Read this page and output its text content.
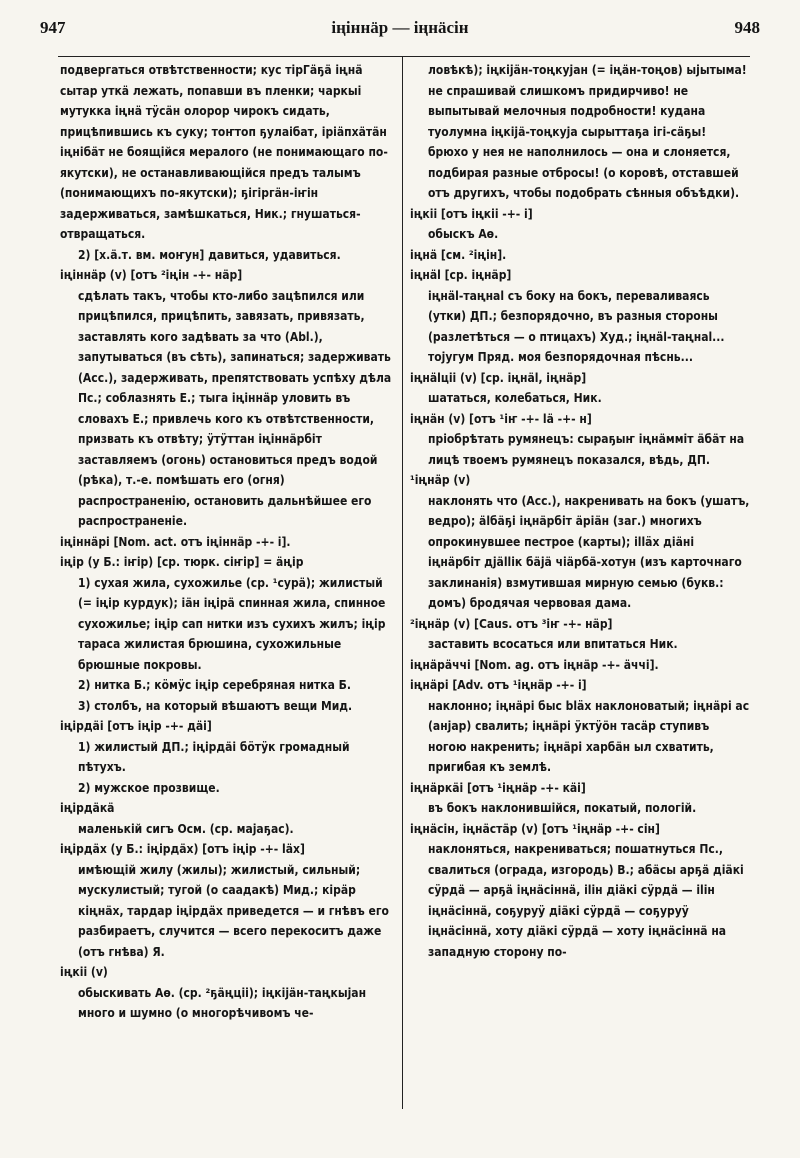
947	іңіннäр — іңнäсін	948

подвергаться отвѣтственности; кус тірГäҕä іңнä сытар уткä лежать, попавши въ пленки; чаркыі мутукка іңнä тӱсäн олорор чирокъ сидать, прицѣпившись къ суку; тоҥтоп ҕулаiбат, іріäпхäтäн іңнiбäт не боящійся мералого (не понимающаго по-якутски), не останавливающійся предъ талымъ (понимающихъ по-якутски); ҕігіргäн-іҥiн задерживаться, замѣшкаться, Ник.; гнушаться-отвращаться.

2) [х.ä.т. вм. моҥун] давиться, удавиться.

іңіннäр (v) [отъ ²іңін -+- нäр]

сдѣлать такъ, чтобы кто-либо зацѣпился или прицѣпился, прицѣпить, завязать, привязать, заставлять кого задѣвать за что (Abl.), запутываться (въ сѣть), запинаться; задерживать (Acc.), задерживать, препятствовать успѣху дѣла Пс.; соблазнять Е.; тыга іңіннäр уловить въ словахъ Е.; привлечь кого къ отвѣтственности, призвать къ отвѣту; ӱтӱттан іңіннäрбiт заставляемъ (огонь) остановиться предъ водой (рѣка), т.-е. помѣшать его (огня) распространенію, остановить дальнѣйшее его распространеніе.

іңіннäрі [Nom. act. отъ іңіннäр -+- і].

іңір (у Б.: іҥір) [ср. тюрк. сіҥір] = äңір

1) сухая жила, сухожилье (ср. ¹сурä); жилистый (= іңір курдук); іäн іңірä спинная жила, спинное сухожилье; іңір сап нитки изъ сухихъ жилъ; іңір тараса жилистая брюшина, сухожильные брюшные покровы.

2) нитка Б.; кӧмӱс іңір серебряная нитка Б.

3) столбъ, на который вѣшаютъ вещи Мид.

іңірдäі [отъ іңір -+- дäі]

1) жилистый ДП.; іңірдäі бӧтӱк громадный пѣтухъ.

2) мужское прозвище.

іңірдäкä

маленькій сигъ Осм. (ср. маjаҕас).

іңірдäх (у Б.: іңірдäх) [отъ іңір -+- läх]

имѣющій жилу (жилы); жилистый, сильный; мускулистый; тугой (о саадакѣ) Мид.; кірäр кіңнäх, тардар іңірдäх приведется — и гнѣвъ его разбираетъ, случится — всего перекоситъ даже (отъ гнѣва) Я.

іңкіі (v)

обыскивать Аө. (ср. ²ҕäңціі); іңкіjäн-таңкыjан много и шумно (о многорѣчивомъ че-

ловѣкѣ); іңкіjäн-тоңкуjан (= іңäн-тоңов) ыjытыма! не спрашивай слишкомъ придирчиво! не выпытывай мелочныя подробности! кудана туолумна іңкіjä-тоңкуjа сырыттаҕа ігі-сäҕы! брюхо у нея не наполнилось — она и слоняется, подбирая разные отбросы! (о коровѣ, отставшей отъ другихъ, чтобы подобрать сѣнныя объѣдки).

іңкiі [отъ іңкіі -+- і]

обыскъ Аө.

іңнä [см. ²іңін].

іңнäl [ср. іңнäр]

іңнäl-таңнаl съ боку на бокъ, переваливаясь (утки) ДП.; безпорядочно, въ разныя стороны (разлетѣться — о птицахъ) Худ.; іңнäl-таңнаl... тоjугум Пряд. моя безпорядочная пѣснь...

іңнälціі (v) [ср. іңнäl, іңнäр]

шататься, колебаться, Ник.

іңнäн (v) [отъ ¹іҥ -+- lä -+- н]

пріобрѣтать румянецъ: сыраҕыҥ іңнäммiт äбäт на лицѣ твоемъ румянецъ показался, вѣдь, ДП.

¹іңнäр (v)

наклонять что (Acc.), накренивать на бокъ (ушатъ, ведро); älбäҕі іңнäрбiт äріäн (заг.) многихъ опрокинувшее пестрое (карты); іllӓх дiäнi іңнäрбiт дjällік бäjä чiäрбä-хотун (изъ карточнаго заклинанія) взмутившая мирную семью (букв.: домъ) бродячая червовая дама.

²іңнäр (v) [Caus. отъ ³іҥ -+- нäр]

заставить всосаться или впитаться Ник.

іңнäрäччі [Nom. ag. отъ іңнäр -+- äччі].

іңнäрі [Adv. отъ ¹іңнäр -+- і]

наклонно; іңнäрі быс blӓх наклоноватый; іңнäрі ас (анjар) свалить; іңнäрі ӱктӱöн тасäр ступивъ ногою накренить; іңнäрі харбäн ыл схватить, пригибая къ землѣ.

іңнäркäі [отъ ¹іңнäр -+- кäі]

въ бокъ наклонившійся, покатый, пологій.

іңнäсін, іңнäстäр (v) [отъ ¹іңнäр -+- сін]

наклоняться, накрениваться; пошатнуться Пс., свалиться (ограда, изгородь) В.; абäсы арҕä дiäкі сӱрдä — арҕä іңнäсіннä, iliн дiäкі сӱрдä — iliн іңнäсіннä, соҕуруӱ дiäкі сӱрдä — соҕуруӱ іңнäсіннä, хоту дiäкі сӱрдä — хоту іңнäсіннä на западную сторону по-
